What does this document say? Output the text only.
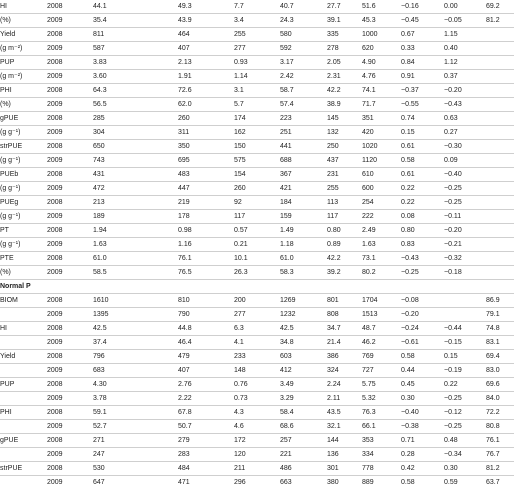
HI	2008	44.1		49.3	7.7	40.7	27.7	51.6	−0.16	0.00	69.2	
(%)	2009	35.4		43.9	3.4	24.3	39.1	45.3	−0.45	−0.05	81.2	
Yield	2008	811		464	255	580	335	1000	0.67	1.15		
(g m⁻²)	2009	587		407	277	592	278	620	0.33	0.40		
PUP	2008	3.83		2.13	0.93	3.17	2.05	4.90	0.84	1.12		
(g m⁻²)	2009	3.60		1.91	1.14	2.42	2.31	4.76	0.91	0.37		
PHI	2008	64.3		72.6	3.1	58.7	42.2	74.1	−0.37	−0.20		
(%)	2009	56.5		62.0	5.7	57.4	38.9	71.7	−0.55	−0.43		
gPUE	2008	285		260	174	223	145	351	0.74	0.63		
(g g⁻¹)	2009	304		311	162	251	132	420	0.15	0.27		
strPUE	2008	650		350	150	441	250	1020	0.61	−0.30		
(g g⁻¹)	2009	743		695	575	688	437	1120	0.58	0.09		
PUEb	2008	431		483	154	367	231	610	0.61	−0.40		
(g g⁻¹)	2009	472		447	260	421	255	600	0.22	−0.25		
PUEg	2008	213		219	92	184	113	254	0.22	−0.25		
(g g⁻¹)	2009	189		178	117	159	117	222	0.08	−0.11		
PT	2008	1.94		0.98	0.57	1.49	0.80	2.49	0.80	−0.20		
(g g⁻¹)	2009	1.63		1.16	0.21	1.18	0.89	1.63	0.83	−0.21		
PTE	2008	61.0		76.1	10.1	61.0	42.2	73.1	−0.43	−0.32		
(%)	2009	58.5		76.5	26.3	58.3	39.2	80.2	−0.25	−0.18		
Normal P												
BIOM	2008	1610		810	200	1269	801	1704	−0.08		86.9	
	2009	1395		790	277	1232	808	1513	−0.20		79.1	
HI	2008	42.5		44.8	6.3	42.5	34.7	48.7	−0.24	−0.44	74.8	
	2009	37.4		46.4	4.1	34.8	21.4	46.2	−0.61	−0.15	83.1	
Yield	2008	796		479	233	603	386	769	0.58	0.15	69.4	
	2009	683		407	148	412	324	727	0.44	−0.19	83.0	
PUP	2008	4.30		2.76	0.76	3.49	2.24	5.75	0.45	0.22	69.6	
	2009	3.78		2.22	0.73	3.29	2.11	5.32	0.30	−0.25	84.0	
PHI	2008	59.1		67.8	4.3	58.4	43.5	76.3	−0.40	−0.12	72.2	
	2009	52.7		50.7	4.6	68.6	32.1	66.1	−0.38	−0.25	80.8	
gPUE	2008	271		279	172	257	144	353	0.71	0.48	76.1	
	2009	247		283	120	221	136	334	0.28	−0.34	76.7	
strPUE	2008	530		484	211	486	301	778	0.42	0.30	81.2	
	2009	647		471	296	663	380	889	0.58	0.59	63.7	
